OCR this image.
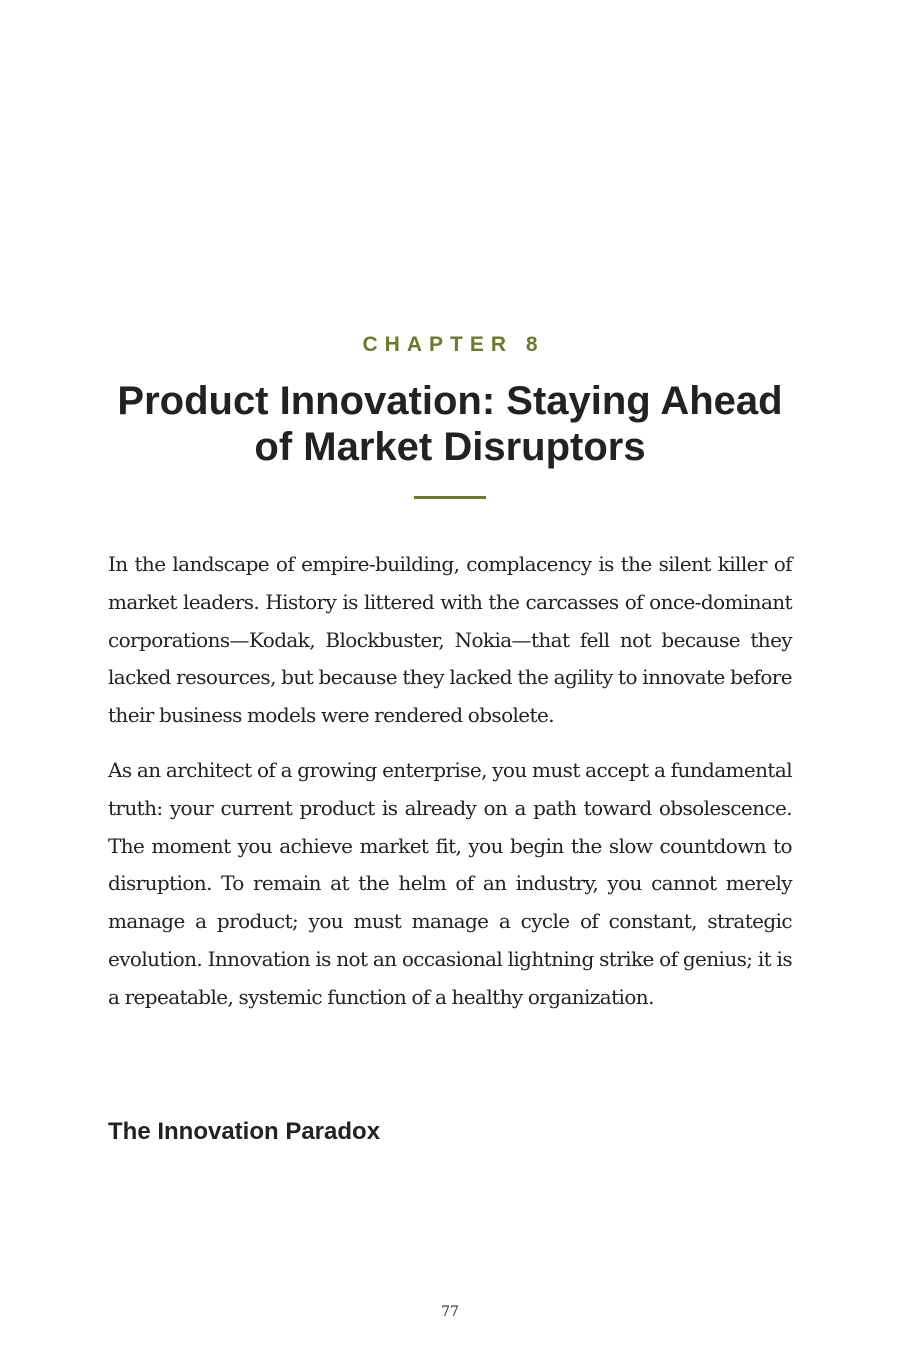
CHAPTER 8
Product Innovation: Staying Ahead of Market Disruptors

In the landscape of empire-building, complacency is the silent killer of market leaders. History is littered with the carcasses of once-dominant corporations—Kodak, Blockbuster, Nokia—that fell not because they lacked resources, but because they lacked the agility to innovate before their business models were rendered obsolete.

As an architect of a growing enterprise, you must accept a fundamental truth: your current product is already on a path toward obsolescence. The moment you achieve market fit, you begin the slow countdown to disruption. To remain at the helm of an industry, you cannot merely manage a product; you must manage a cycle of constant, strategic evolution. Innovation is not an occasional lightning strike of genius; it is a repeatable, systemic function of a healthy organization.

The Innovation Paradox
77
